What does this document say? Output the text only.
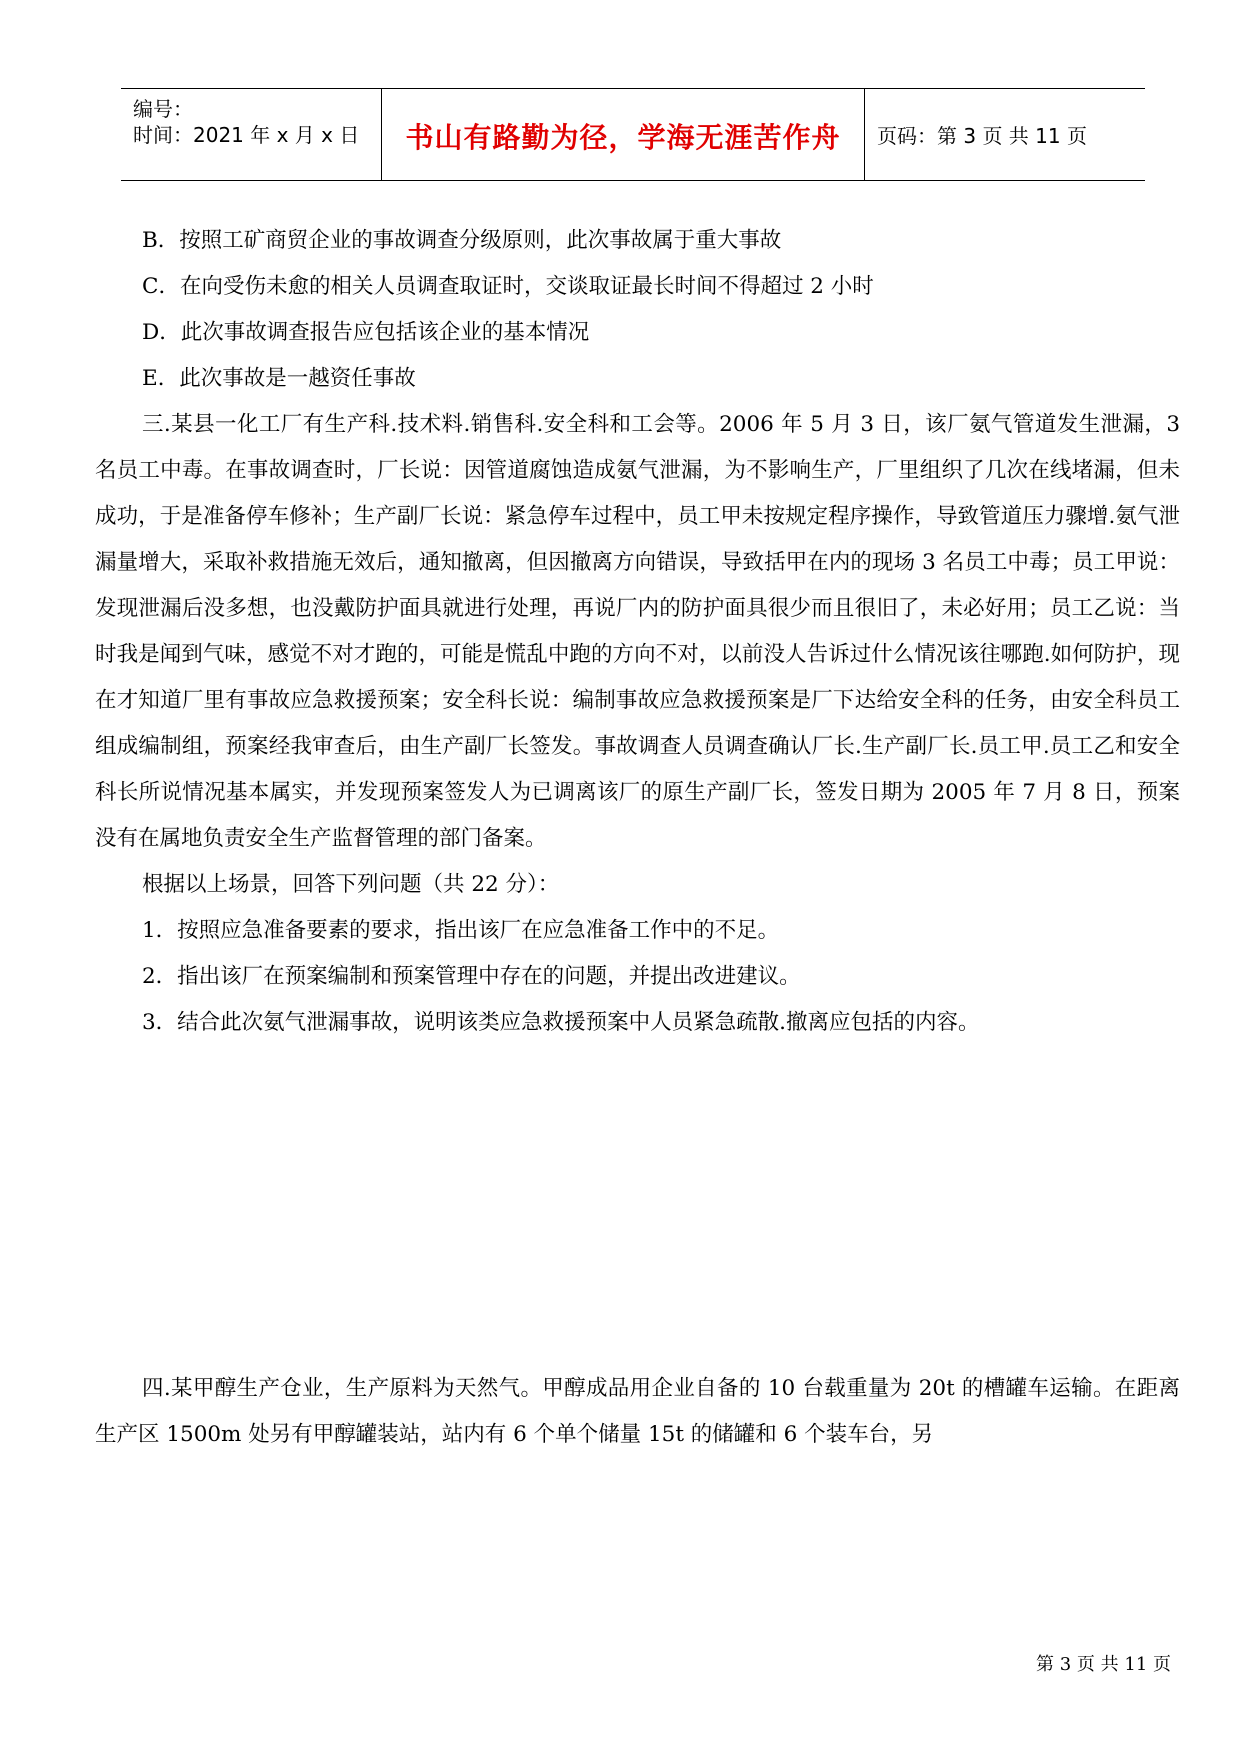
编号：
时间：2021 年 x 月 x 日 书山有路勤为径，学海无涯苦作舟 页码：第 3 页 共 11 页

B．按照工矿商贸企业的事故调查分级原则，此次事故属于重大事故

C．在向受伤未愈的相关人员调查取证时，交谈取证最长时间不得超过 2 小时

D．此次事故调查报告应包括该企业的基本情况

E．此次事故是一越资任事故

三.某县一化工厂有生产科.技术料.销售科.安全科和工会等。2006 年 5 月 3 日，该厂氨气管道发生泄漏，3 名员工中毒。在事故调查时，厂长说：因管道腐蚀造成氨气泄漏，为不影响生产，厂里组织了几次在线堵漏，但未成功，于是准备停车修补；生产副厂长说：紧急停车过程中，员工甲未按规定程序操作，导致管道压力骤增.氨气泄漏量增大，采取补救措施无效后，通知撤离，但因撤离方向错误，导致括甲在内的现场 3 名员工中毒；员工甲说：发现泄漏后没多想，也没戴防护面具就进行处理，再说厂内的防护面具很少而且很旧了，未必好用；员工乙说：当时我是闻到气味，感觉不对才跑的，可能是慌乱中跑的方向不对，以前没人告诉过什么情况该往哪跑.如何防护，现在才知道厂里有事故应急救援预案；安全科长说：编制事故应急救援预案是厂下达给安全科的任务，由安全科员工组成编制组，预案经我审查后，由生产副厂长签发。事故调查人员调查确认厂长.生产副厂长.员工甲.员工乙和安全科长所说情况基本属实，并发现预案签发人为已调离该厂的原生产副厂长，签发日期为 2005 年 7 月 8 日，预案没有在属地负责安全生产监督管理的部门备案。

根据以上场景，回答下列问题（共 22 分）：

1．按照应急准备要素的要求，指出该厂在应急准备工作中的不足。

2．指出该厂在预案编制和预案管理中存在的问题，并提出改进建议。

3．结合此次氨气泄漏事故，说明该类应急救援预案中人员紧急疏散.撤离应包括的内容。

四.某甲醇生产仓业，生产原料为天然气。甲醇成品用企业自备的 10 台载重量为 20t 的槽罐车运输。在距离生产区 1500m 处另有甲醇罐装站，站内有 6 个单个储量 15t 的储罐和 6 个装车台，另

第 3 页 共 11 页
